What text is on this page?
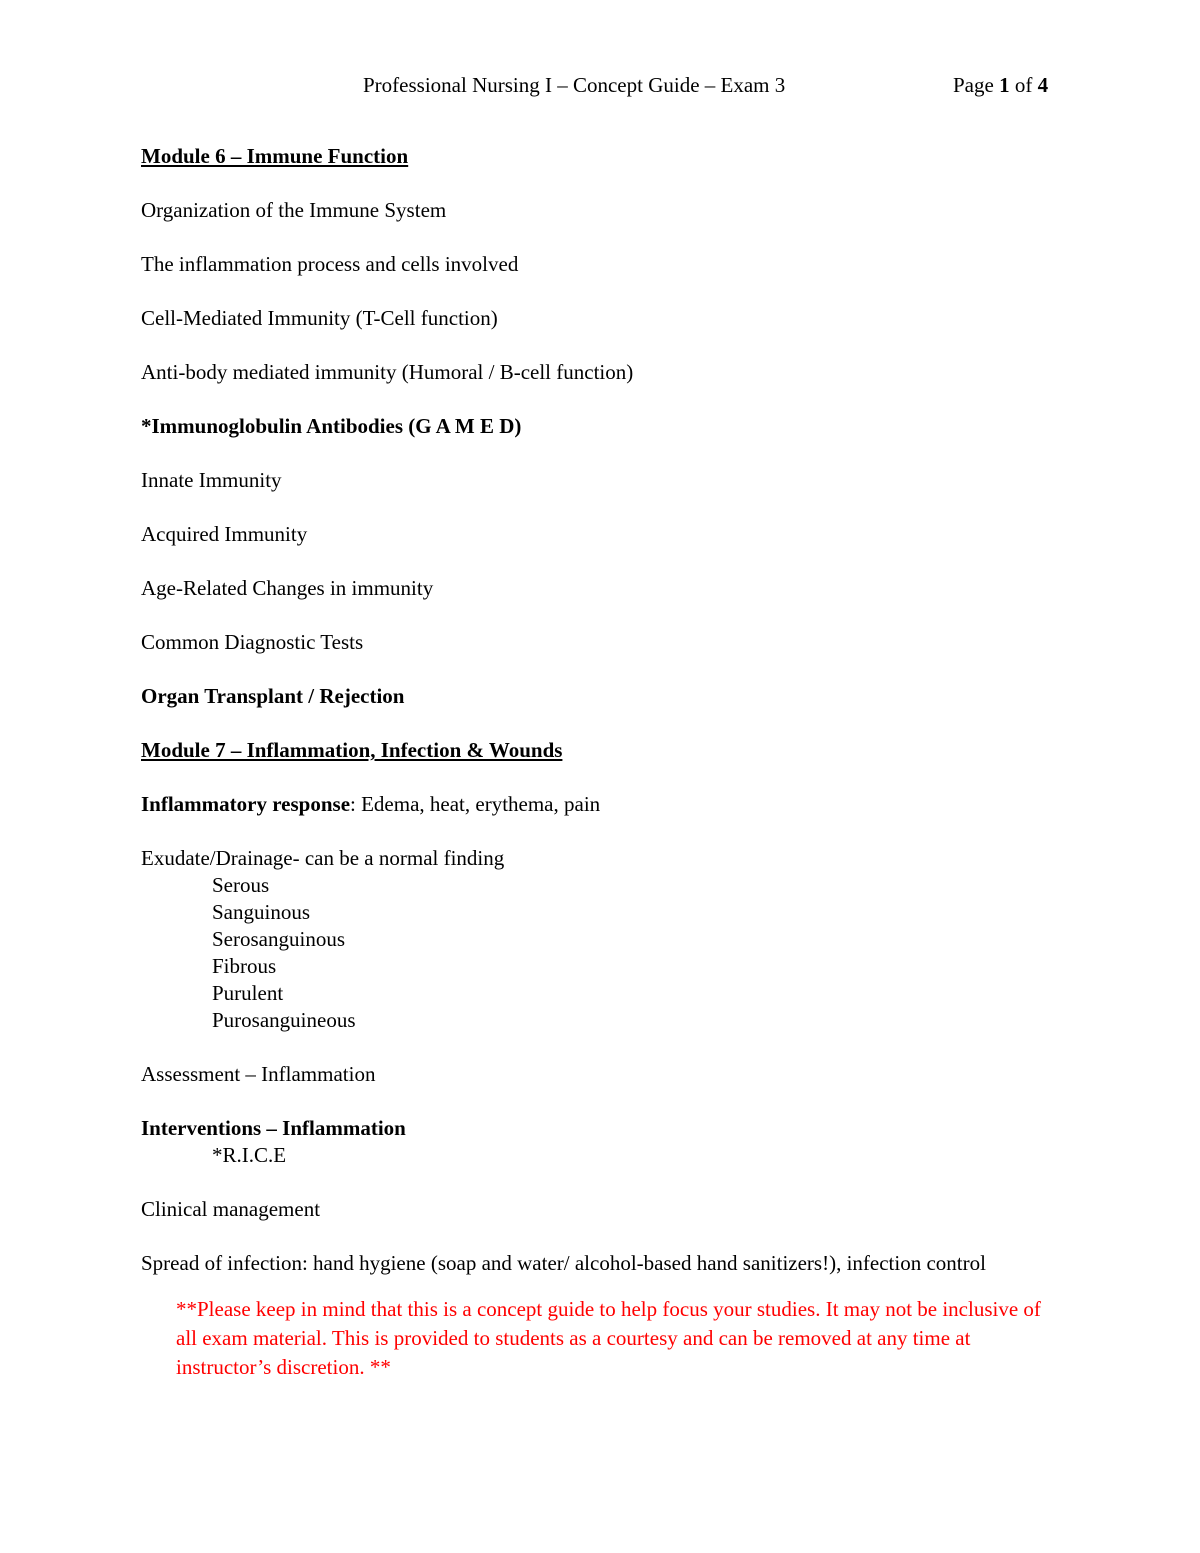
Professional Nursing I – Concept Guide – Exam 3	Page 1 of 4

Module 6 – Immune Function

Organization of the Immune System

The inflammation process and cells involved

Cell-Mediated Immunity (T-Cell function)

Anti-body mediated immunity (Humoral / B-cell function)

*Immunoglobulin Antibodies (G A M E D)

Innate Immunity

Acquired Immunity

Age-Related Changes in immunity

Common Diagnostic Tests

Organ Transplant / Rejection

Module 7 – Inflammation, Infection & Wounds

Inflammatory response: Edema, heat, erythema, pain

Exudate/Drainage- can be a normal finding

Serous
Sanguinous
Serosanguinous
Fibrous
Purulent
Purosanguineous

Assessment – Inflammation

Interventions – Inflammation

*R.I.C.E

Clinical management

Spread of infection: hand hygiene (soap and water/ alcohol-based hand sanitizers!), infection control

**Please keep in mind that this is a concept guide to help focus your studies. It may not be inclusive of all exam material. This is provided to students as a courtesy and can be removed at any time at instructor’s discretion. **
